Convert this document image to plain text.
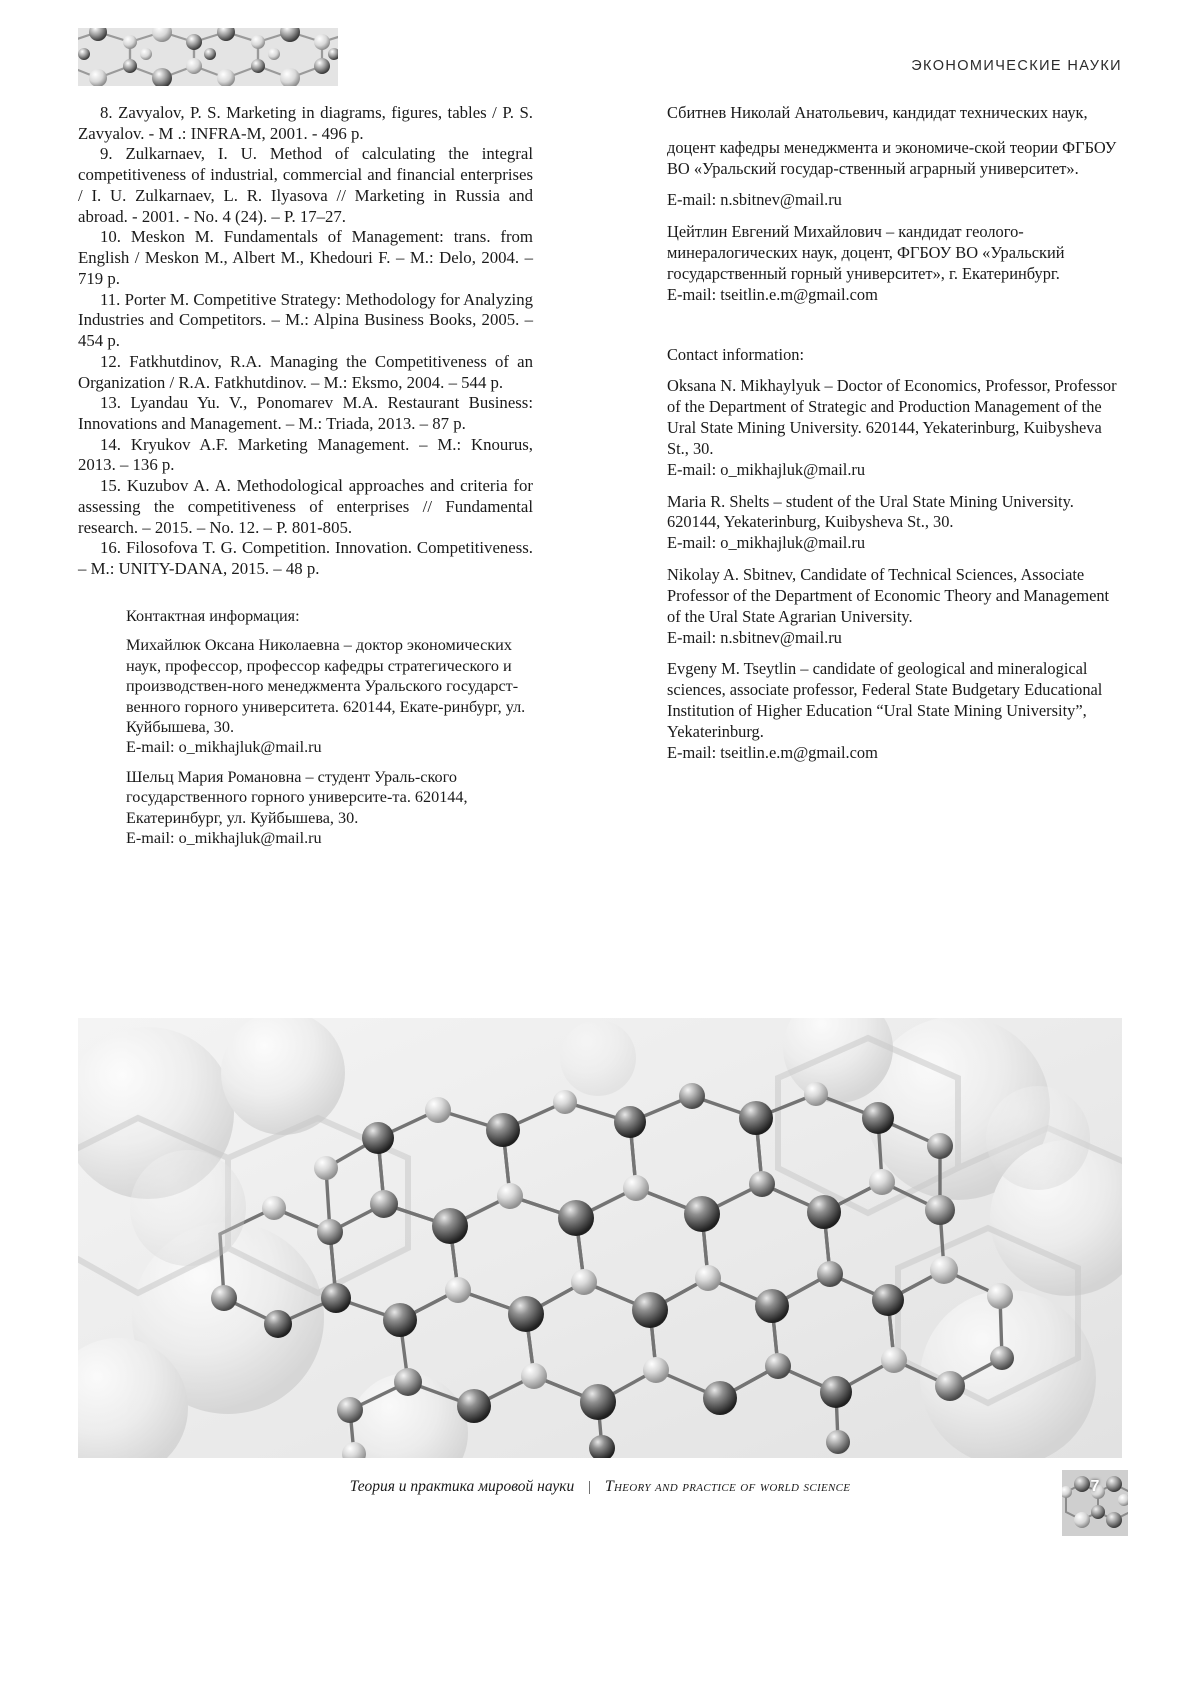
ЭКОНОМИЧЕСКИЕ НАУКИ

8. Zavyalov, P. S. Marketing in diagrams, figures, tables / P. S. Zavyalov. - M .: INFRA-M, 2001. - 496 p.

9. Zulkarnaev, I. U. Method of calculating the integral competitiveness of industrial, commercial and financial enterprises / I. U. Zulkarnaev, L. R. Ilyasova // Marketing in Russia and abroad. - 2001. - No. 4 (24). – P. 17–27.

10. Meskon M. Fundamentals of Management: trans. from English / Meskon M., Albert M., Khedouri F. – M.: Delo, 2004. – 719 p.

11. Porter M. Competitive Strategy: Methodology for Analyzing Industries and Competitors. – M.: Alpina Business Books, 2005. – 454 p.

12. Fatkhutdinov, R.A. Managing the Competitiveness of an Organization / R.A. Fatkhutdinov. – M.: Eksmo, 2004. – 544 p.

13. Lyandau Yu. V., Ponomarev M.A. Restaurant Business: Innovations and Management. – M.: Triada, 2013. – 87 p.

14. Kryukov A.F. Marketing Management. – M.: Knourus, 2013. – 136 p.

15. Kuzubov A. A. Methodological approaches and criteria for assessing the competitiveness of enterprises // Fundamental research. – 2015. – No. 12. – P. 801-805.

16. Filosofova T. G. Competition. Innovation. Competitiveness. – M.: UNITY-DANA, 2015. – 48 p.

Контактная информация:

Михайлюк Оксана Николаевна – доктор экономических наук, профессор, профессор кафедры стратегического и производствен-ного менеджмента Уральского государст-венного горного университета. 620144, Екате-ринбург, ул. Куйбышева, 30.

E-mail: o_mikhajluk@mail.ru

Шельц Мария Романовна – студент Ураль-ского государственного горного университе-та. 620144, Екатеринбург, ул. Куйбышева, 30.

E-mail: o_mikhajluk@mail.ru

Сбитнев Николай Анатольевич, кандидат технических наук,

доцент кафедры менеджмента и экономиче-ской теории ФГБОУ ВО «Уральский государ-ственный аграрный университет».

E-mail: n.sbitnev@mail.ru

Цейтлин Евгений Михайлович – кандидат геолого-минералогических наук, доцент, ФГБОУ ВО «Уральский государственный горный университет», г. Екатеринбург.

E-mail: tseitlin.e.m@gmail.com

Contact information:

Oksana N. Mikhaylyuk – Doctor of Economics, Professor, Professor of the Department of Strategic and Production Management of the Ural State Mining University. 620144, Yekaterinburg, Kuibysheva St., 30.

E-mail: o_mikhajluk@mail.ru

Maria R. Shelts – student of the Ural State Mining University. 620144, Yekaterinburg, Kuibysheva St., 30.

E-mail: o_mikhajluk@mail.ru

Nikolay A. Sbitnev, Candidate of Technical Sciences, Associate Professor of the Department of Economic Theory and Management of the Ural State Agrarian University.

E-mail: n.sbitnev@mail.ru

Evgeny M. Tseytlin – candidate of geological and mineralogical sciences, associate professor, Federal State Budgetary Educational Institution of Higher Education “Ural State Mining University”, Yekaterinburg.

E-mail: tseitlin.e.m@gmail.com

Теория и практика мировой науки | Theory and practice of world science	7
